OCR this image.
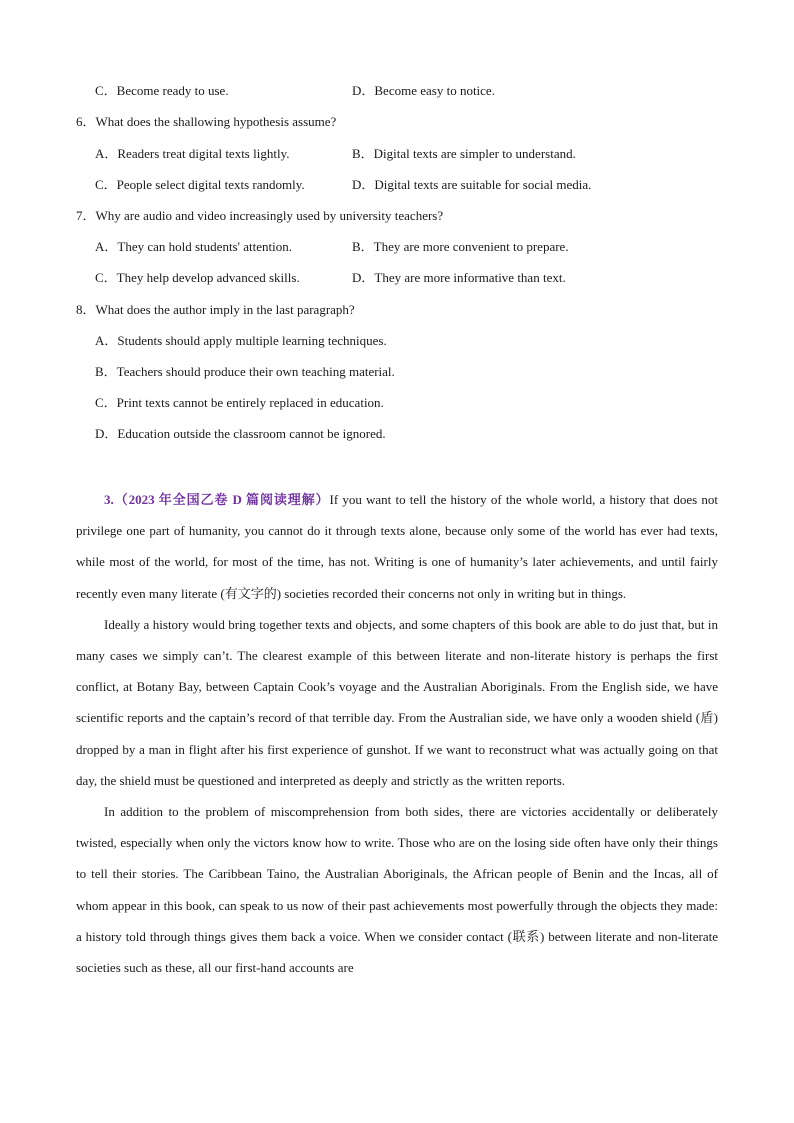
C．Become ready to use.	D．Become easy to notice.
6．What does the shallowing hypothesis assume?
A．Readers treat digital texts lightly.	B．Digital texts are simpler to understand.
C．People select digital texts randomly.	D．Digital texts are suitable for social media.
7．Why are audio and video increasingly used by university teachers?
A．They can hold students' attention.	B．They are more convenient to prepare.
C．They help develop advanced skills.	D．They are more informative than text.
8．What does the author imply in the last paragraph?
A．Students should apply multiple learning techniques.
B．Teachers should produce their own teaching material.
C．Print texts cannot be entirely replaced in education.
D．Education outside the classroom cannot be ignored.

3.（2023 年全国乙卷 D 篇阅读理解）If you want to tell the history of the whole world, a history that does not privilege one part of humanity, you cannot do it through texts alone, because only some of the world has ever had texts, while most of the world, for most of the time, has not. Writing is one of humanity’s later achievements, and until fairly recently even many literate (有文字的) societies recorded their concerns not only in writing but in things.

Ideally a history would bring together texts and objects, and some chapters of this book are able to do just that, but in many cases we simply can’t. The clearest example of this between literate and non-literate history is perhaps the first conflict, at Botany Bay, between Captain Cook’s voyage and the Australian Aboriginals. From the English side, we have scientific reports and the captain’s record of that terrible day. From the Australian side, we have only a wooden shield (盾) dropped by a man in flight after his first experience of gunshot. If we want to reconstruct what was actually going on that day, the shield must be questioned and interpreted as deeply and strictly as the written reports.

In addition to the problem of miscomprehension from both sides, there are victories accidentally or deliberately twisted, especially when only the victors know how to write. Those who are on the losing side often have only their things to tell their stories. The Caribbean Taino, the Australian Aboriginals, the African people of Benin and the Incas, all of whom appear in this book, can speak to us now of their past achievements most powerfully through the objects they made: a history told through things gives them back a voice. When we consider contact (联系) between literate and non-literate societies such as these, all our first-hand accounts are
